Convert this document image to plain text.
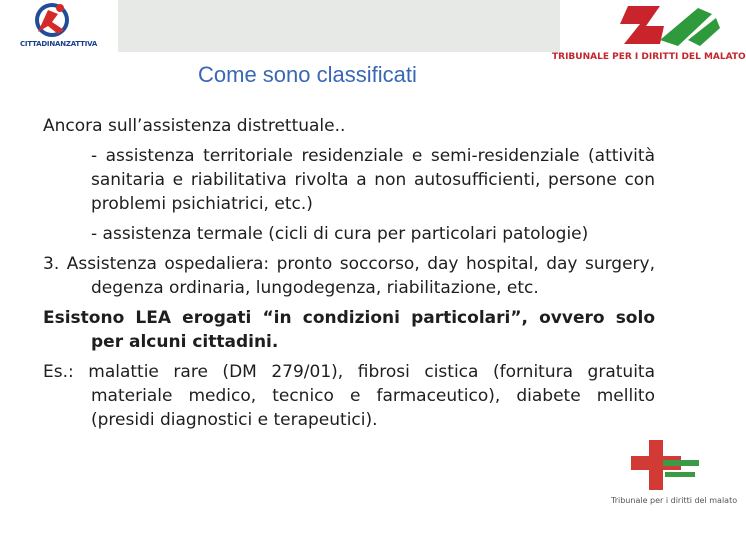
CITTADINANZATTIVA
TRIBUNALE PER I DIRITTI DEL MALATO
Come sono classificati

Ancora sull’assistenza distrettuale..

- assistenza territoriale residenziale e semi-residenziale (attività sanitaria e riabilitativa rivolta a non autosufficienti, persone con problemi psichiatrici, etc.)

- assistenza termale (cicli di cura per particolari patologie)

3. Assistenza ospedaliera: pronto soccorso, day hospital, day surgery, degenza ordinaria, lungodegenza, riabilitazione, etc.

Esistono LEA erogati “in condizioni particolari”, ovvero solo per alcuni cittadini.

Es.: malattie rare (DM 279/01), fibrosi cistica (fornitura gratuita materiale medico, tecnico e farmaceutico), diabete mellito (presidi diagnostici e terapeutici).

Tribunale per i diritti del malato
